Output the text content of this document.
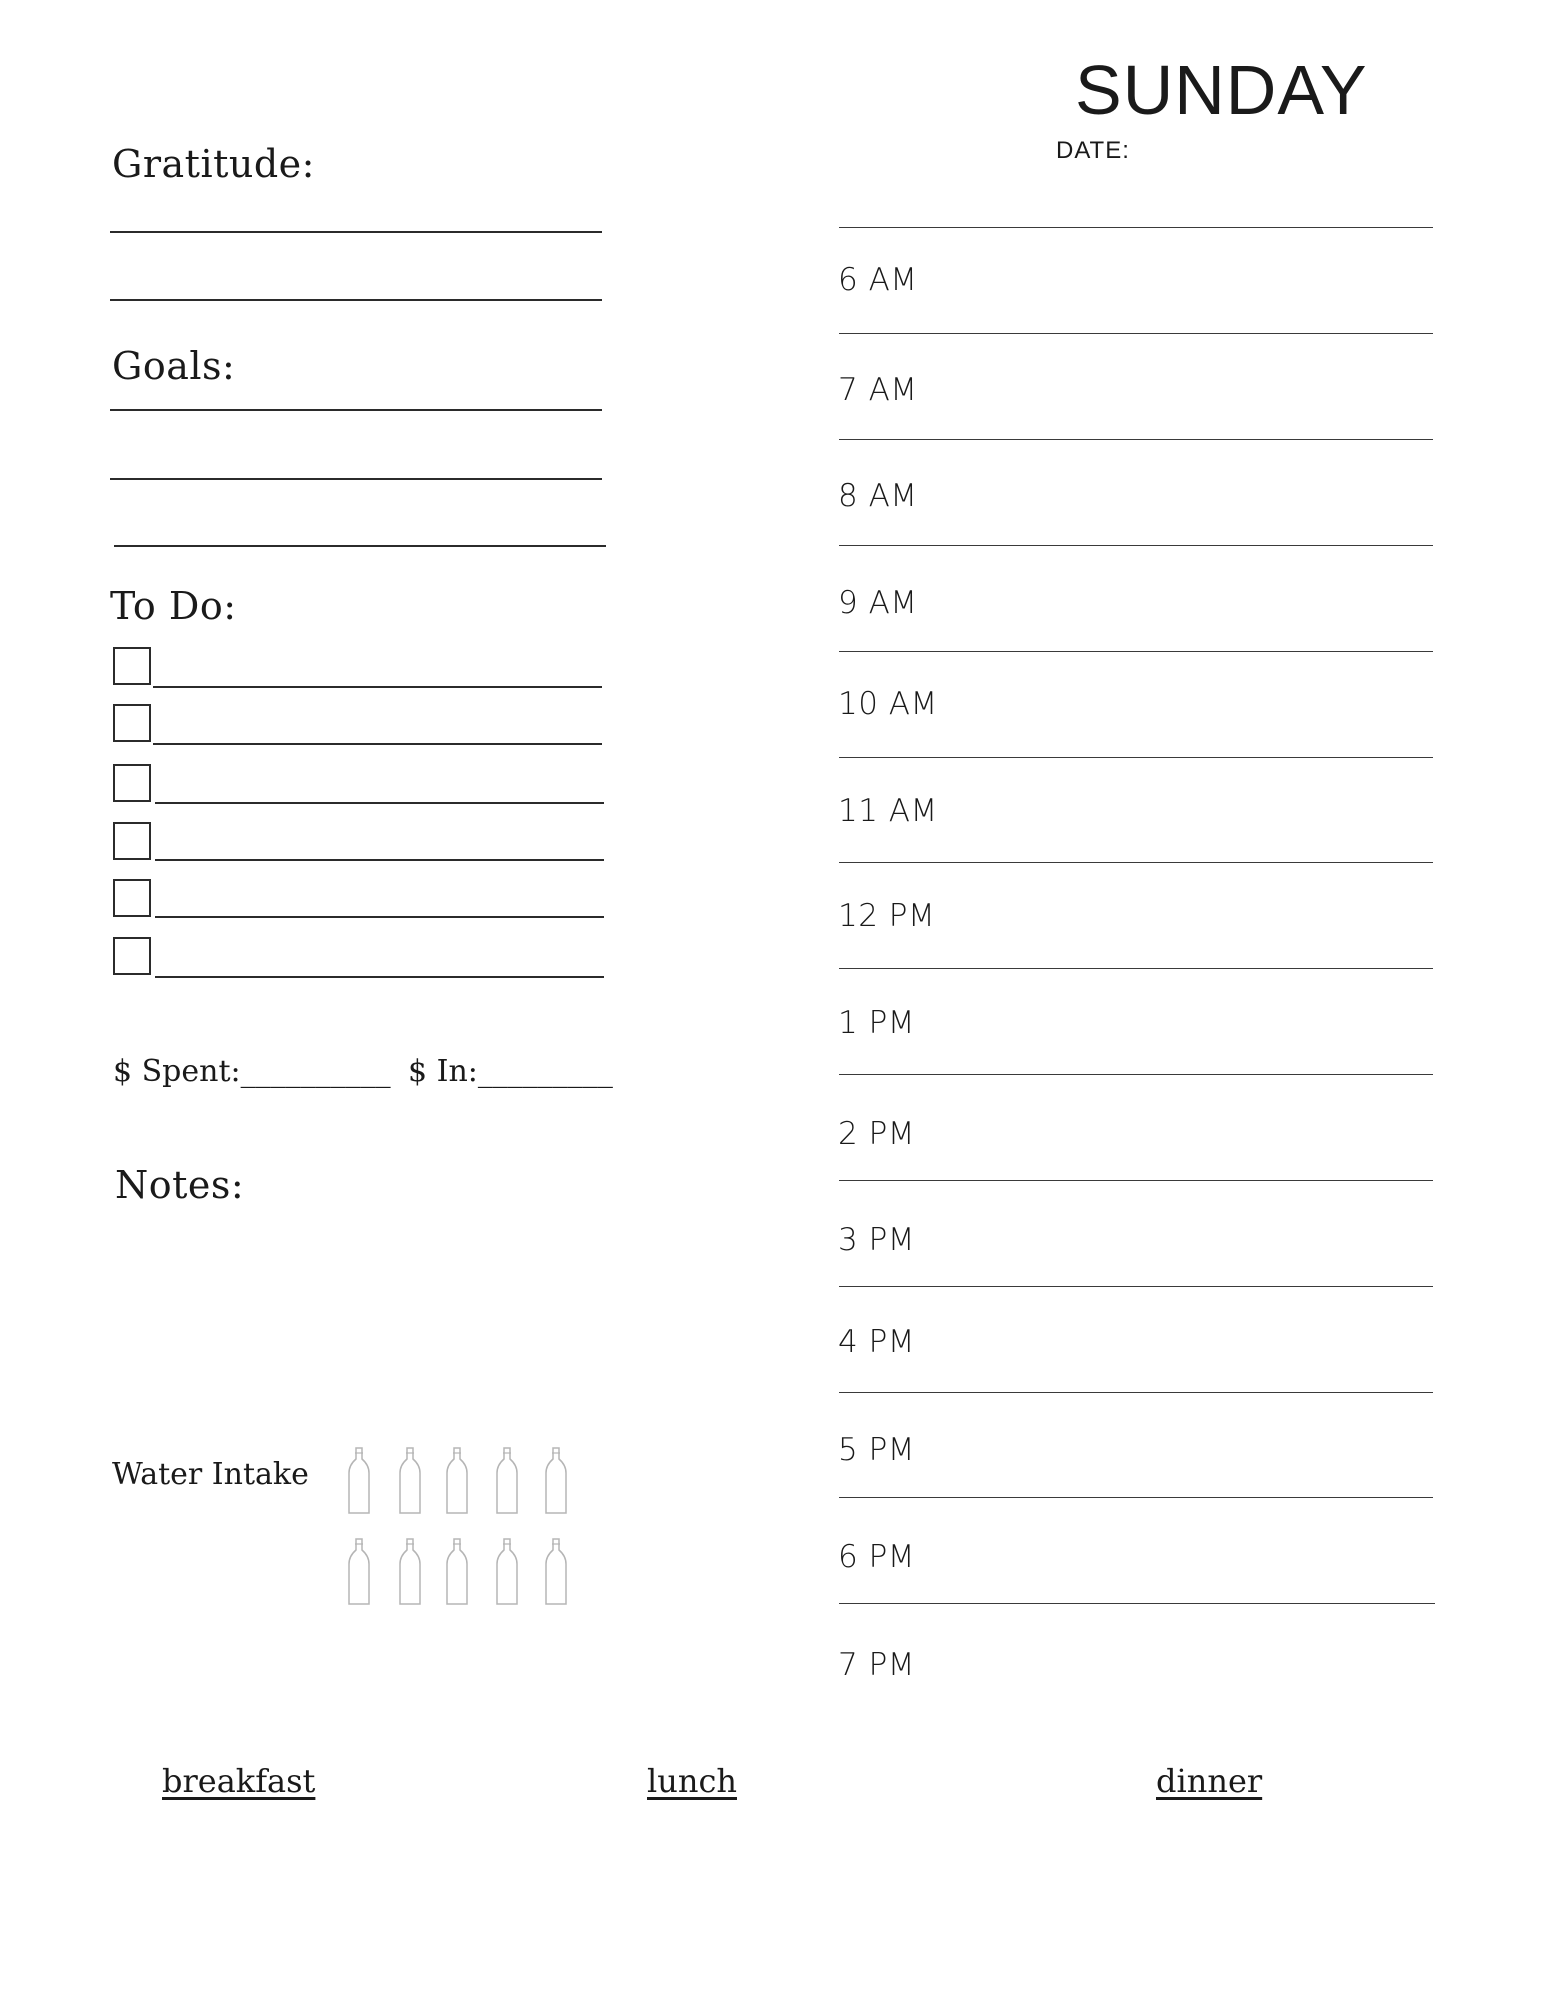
SUNDAY
DATE:
Gratitude:
Goals:
To Do:
$ Spent:__________ $ In:_________
Notes:
Water Intake
6 AM
7 AM
8 AM
9 AM
10 AM
11 AM
12 PM
1 PM
2 PM
3 PM
4 PM
5 PM
6 PM
7 PM
breakfast	lunch	dinner
